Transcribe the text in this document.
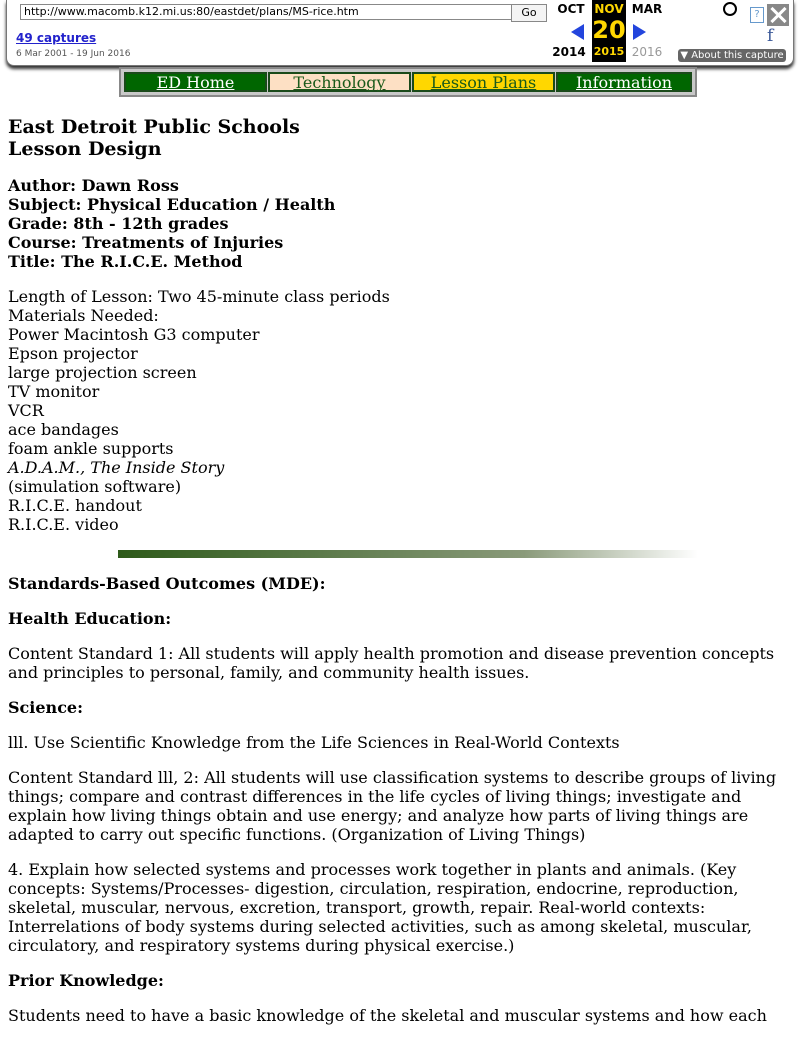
http://www.macomb.k12.mi.us:80/eastdet/plans/MS-rice.htm	Go
49 captures
6 Mar 2001 - 19 Jun 2016
OCT NOV MAR
20
2014 2015 2016
?
f
▼ About this capture
ED Home	Technology	Lesson Plans	Information
East Detroit Public Schools
Lesson Design
Author: Dawn Ross
Subject: Physical Education / Health
Grade: 8th - 12th grades
Course: Treatments of Injuries
Title: The R.I.C.E. Method
Length of Lesson: Two 45-minute class periods
Materials Needed:
Power Macintosh G3 computer
Epson projector
large projection screen
TV monitor
VCR
ace bandages
foam ankle supports
A.D.A.M., The Inside Story
(simulation software)
R.I.C.E. handout
R.I.C.E. video
Standards-Based Outcomes (MDE):
Health Education:

Content Standard 1: All students will apply health promotion and disease prevention concepts and principles to personal, family, and community health issues.

Science:

lll. Use Scientific Knowledge from the Life Sciences in Real-World Contexts

Content Standard lll, 2: All students will use classification systems to describe groups of living things; compare and contrast differences in the life cycles of living things; investigate and explain how living things obtain and use energy; and analyze how parts of living things are adapted to carry out specific functions. (Organization of Living Things)

4. Explain how selected systems and processes work together in plants and animals. (Key concepts: Systems/Processes- digestion, circulation, respiration, endocrine, reproduction, skeletal, muscular, nervous, excretion, transport, growth, repair. Real-world contexts: Interrelations of body systems during selected activities, such as among skeletal, muscular, circulatory, and respiratory systems during physical exercise.)

Prior Knowledge:

Students need to have a basic knowledge of the skeletal and muscular systems and how each
